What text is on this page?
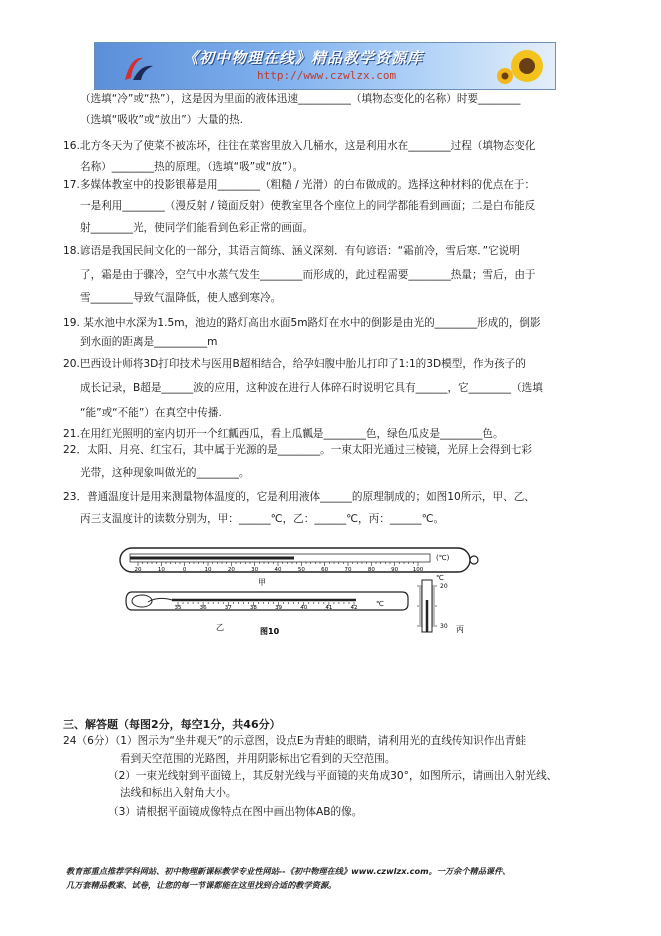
《初中物理在线》精品教学资源库
http://www.czwlzx.com
（选填“冷”或“热”），这是因为里面的液体迅速__________（填物态变化的名称）时要________
（选填“吸收”或“放出”）大量的热.
16.北方冬天为了使菜不被冻坏，往往在菜窖里放入几桶水，这是利用水在________过程（填物态变化
名称）________热的原理。（选填“吸”或“放”）。
17.多媒体教室中的投影银幕是用________（粗糙 / 光滑）的白布做成的。选择这种材料的优点在于：
一是利用________（漫反射 / 镜面反射）使教室里各个座位上的同学都能看到画面；二是白布能反
射________光，使同学们能看到色彩正常的画面。
18.谚语是我国民间文化的一部分，其语言简练、涵义深刻．有句谚语：“霜前冷，雪后寒．”它说明
了，霜是由于骤冷，空气中水蒸气发生________而形成的，此过程需要________热量；雪后，由于
雪________导致气温降低，使人感到寒冷。
19. 某水池中水深为1.5m，池边的路灯高出水面5m路灯在水中的倒影是由光的________形成的，倒影
到水面的距离是__________m
20.巴西设计师将3D打印技术与医用B超相结合，给孕妇腹中胎儿打印了1:1的3D模型，作为孩子的
成长记录，B超是______波的应用，这种波在进行人体碎石时说明它具有______，它________（选填
“能”或“不能”）在真空中传播.
21.在用红光照明的室内切开一个红瓤西瓜，看上瓜瓤是________色，绿色瓜皮是________色。
22．太阳、月亮、红宝石，其中属于光源的是________。一束太阳光通过三棱镜，光屏上会得到七彩
光带，这种现象叫做光的________。
23．普通温度计是用来测量物体温度的，它是利用液体______的原理制成的；如图10所示，甲、乙、
丙三支温度计的读数分别为，甲：______℃，乙：______℃，丙：______℃。
20	10	0	10	20	30	40	50	60	70	80	90	100
(℃)
甲
35	36	37	38	39	40	41	42	℃
乙	图10
20
30
℃
丙
三、解答题（每图2分，每空1分，共46分）
24（6分）（1）图示为“坐井观天”的示意图，设点E为青蛙的眼睛，请利用光的直线传知识作出青蛙
看到天空范围的光路图，并用阴影标出它看到的天空范围。
（2）一束光线射到平面镜上，其反射光线与平面镜的夹角成30°，如图所示，请画出入射光线、
法线和标出入射角大小。
（3）请根据平面镜成像特点在图中画出物体AB的像。
教育部重点推荐学科网站、初中物理新课标教学专业性网站--《初中物理在线》www.czwlzx.com。一万余个精品课件、
几万套精品教案、试卷，让您的每一节课都能在这里找到合适的教学资源。
